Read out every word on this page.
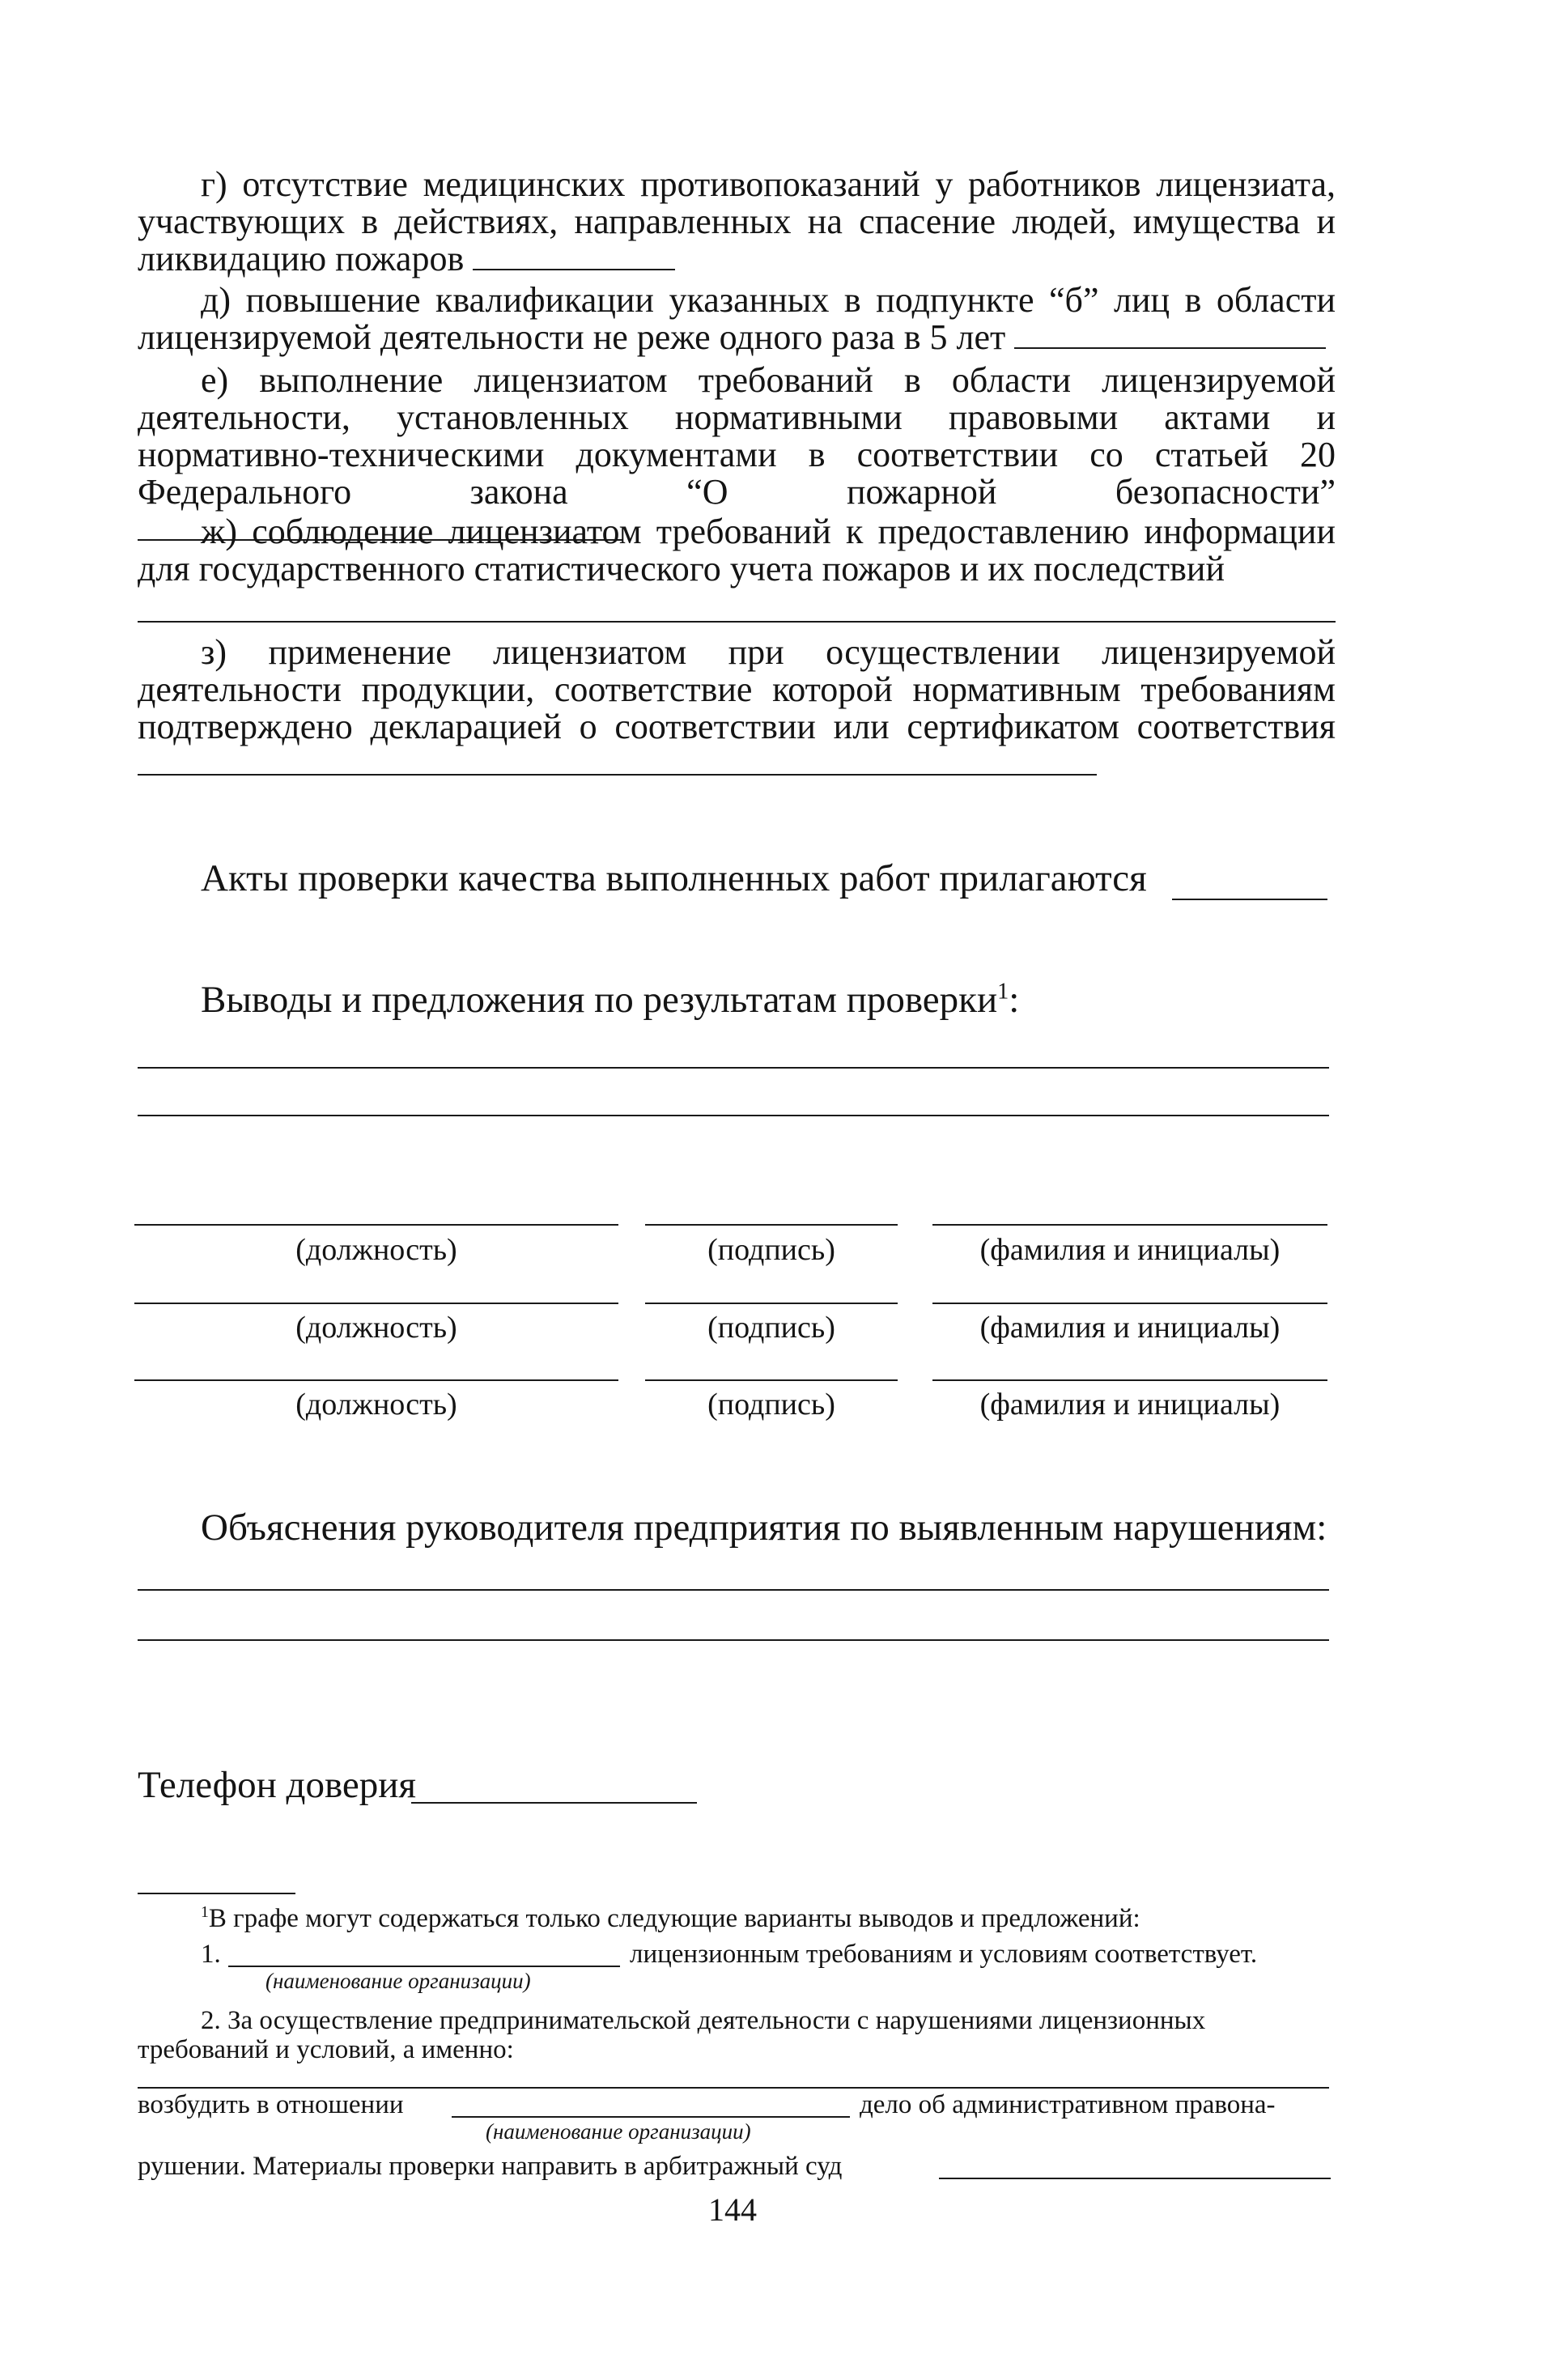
г) отсутствие медицинских противопоказаний у работников лицензиата, участвующих в действиях, направленных на спасение людей, имущества и ликвидацию пожаров
д) повышение квалификации указанных в подпункте “б” лиц в области лицензируемой деятельности не реже одного раза в 5 лет
е) выполнение лицензиатом требований в области лицензируемой деятельности, установленных нормативными правовыми актами и нормативно-техническими документами в соответствии со статьей 20 Федерального закона “О пожарной безопасности”
ж) соблюдение лицензиатом требований к предоставлению информации для государственного статистического учета пожаров и их последствий
з) применение лицензиатом при осуществлении лицензируемой деятельности продукции, соответствие которой нормативным требованиям подтверждено декларацией о соответствии или сертификатом соответствия
Акты проверки качества выполненных работ прилагаются
Выводы и предложения по результатам проверки$^1$:
(должность)	(подпись)	(фамилия и инициалы)
(должность)	(подпись)	(фамилия и инициалы)
(должность)	(подпись)	(фамилия и инициалы)
Объяснения руководителя предприятия по выявленным нарушениям:
Телефон доверия
$^1$В графе могут содержаться только следующие варианты выводов и предложений:
1.	лицензионным требованиям и условиям соответствует.
(наименование организации)
2. За осуществление предпринимательской деятельности с нарушениями лицензионных
требований и условий, а именно:
возбудить в отношении	дело об административном правона-
(наименование организации)
рушении. Материалы проверки направить в арбитражный суд
144
